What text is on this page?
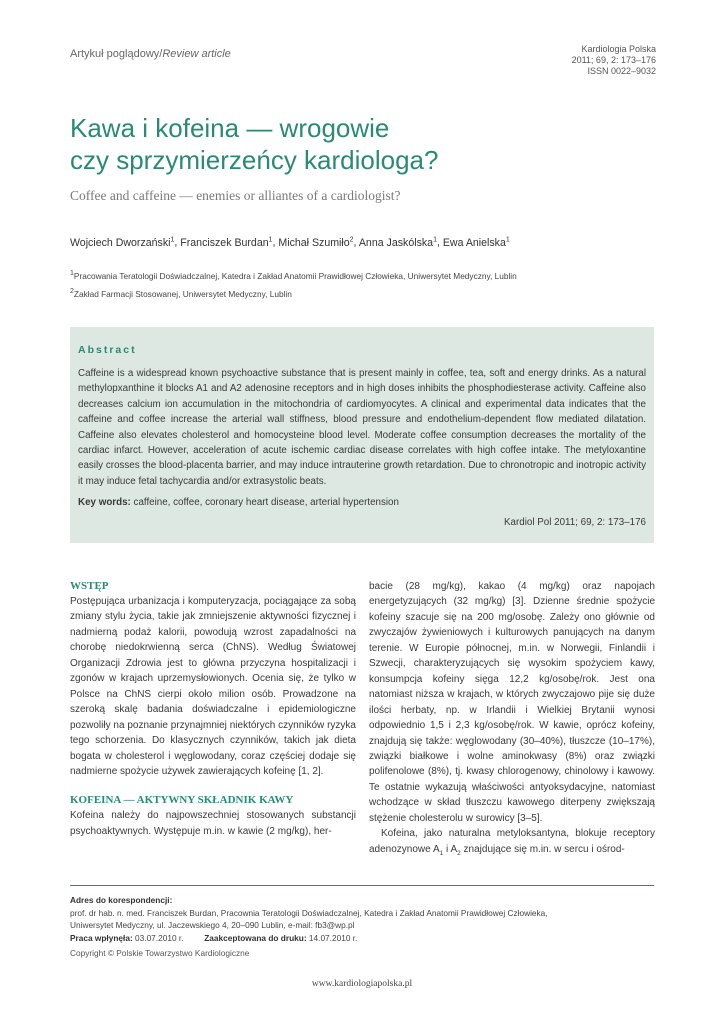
Artykuł poglądowy/Review article	Kardiologia Polska
2011; 69, 2: 173–176
ISSN 0022–9032
Kawa i kofeina — wrogowie
czy sprzymierzeńcy kardiologa?
Coffee and caffeine — enemies or alliantes of a cardiologist?
Wojciech Dworzański$^1$, Franciszek Burdan$^1$, Michał Szumiło$^2$, Anna Jaskólska$^1$, Ewa Anielska$^1$
$^1$Pracowania Teratologii Doświadczalnej, Katedra i Zakład Anatomii Prawidłowej Człowieka, Uniwersytet Medyczny, Lublin
$^2$Zakład Farmacji Stosowanej, Uniwersytet Medyczny, Lublin
Abstract
Caffeine is a widespread known psychoactive substance that is present mainly in coffee, tea, soft and energy drinks. As a natural methylopxanthine it blocks A1 and A2 adenosine receptors and in high doses inhibits the phosphodiesterase activity. Caffeine also decreases calcium ion accumulation in the mitochondria of cardiomyocytes. A clinical and experimental data indicates that the caffeine and coffee increase the arterial wall stiffness, blood pressure and endothelium-dependent flow mediated dilatation. Caffeine also elevates cholesterol and homocysteine blood level. Moderate coffee consumption decreases the mortality of the cardiac infarct. However, acceleration of acute ischemic cardiac disease correlates with high coffee intake. The metyloxantine easily crosses the blood-placenta barrier, and may induce intrauterine growth retardation. Due to chronotropic and inotropic activity it may induce fetal tachycardia and/or extrasystolic beats.
Key words: caffeine, coffee, coronary heart disease, arterial hypertension
Kardiol Pol 2011; 69, 2: 173–176
WSTĘP

Postępująca urbanizacja i komputeryzacja, pociągające za sobą zmiany stylu życia, takie jak zmniejszenie aktywności fizycznej i nadmierną podaż kalorii, powodują wzrost zapadalności na chorobę niedokrwienną serca (ChNS). Według Światowej Organizacji Zdrowia jest to główna przyczyna hospitalizacji i zgonów w krajach uprzemysłowionych. Ocenia się, że tylko w Polsce na ChNS cierpi około milion osób. Prowadzone na szeroką skalę badania doświadczalne i epidemiologiczne pozwoliły na poznanie przynajmniej niektórych czynników ryzyka tego schorzenia. Do klasycznych czynników, takich jak dieta bogata w cholesterol i węglowodany, coraz częściej dodaje się nadmierne spożycie używek zawierających kofeinę [1, 2].

KOFEINA — AKTYWNY SKŁADNIK KAWY

Kofeina należy do najpowszechniej stosowanych substancji psychoaktywnych. Występuje m.in. w kawie (2 mg/kg), her-

bacie (28 mg/kg), kakao (4 mg/kg) oraz napojach energetyzujących (32 mg/kg) [3]. Dzienne średnie spożycie kofeiny szacuje się na 200 mg/osobę. Zależy ono głównie od zwyczajów żywieniowych i kulturowych panujących na danym terenie. W Europie północnej, m.in. w Norwegii, Finlandii i Szwecji, charakteryzujących się wysokim spożyciem kawy, konsumpcja kofeiny sięga 12,2 kg/osobę/rok. Jest ona natomiast niższa w krajach, w których zwyczajowo pije się duże ilości herbaty, np. w Irlandii i Wielkiej Brytanii wynosi odpowiednio 1,5 i 2,3 kg/osobę/rok. W kawie, oprócz kofeiny, znajdują się także: węglowodany (30–40%), tłuszcze (10–17%), związki białkowe i wolne aminokwasy (8%) oraz związki polifenolowe (8%), tj. kwasy chlorogenowy, chinolowy i kawowy. Te ostatnie wykazują właściwości antyoksydacyjne, natomiast wchodzące w skład tłuszczu kawowego diterpeny zwiększają stężenie cholesterolu w surowicy [3–5].

Kofeina, jako naturalna metyloksantyna, blokuje receptory adenozynowe $A_1$ i $A_2$ znajdujące się m.in. w sercu i ośrod-

Adres do korespondencji:
prof. dr hab. n. med. Franciszek Burdan, Pracownia Teratologii Doświadczalnej, Katedra i Zakład Anatomii Prawidłowej Człowieka,
Uniwersytet Medyczny, ul. Jaczewskiego 4, 20–090 Lublin, e-mail: fb3@wp.pl
Praca wpłynęła: 03.07.2010 r.	Zaakceptowana do druku: 14.07.2010 r.
Copyright © Polskie Towarzystwo Kardiologiczne
www.kardiologiapolska.pl
